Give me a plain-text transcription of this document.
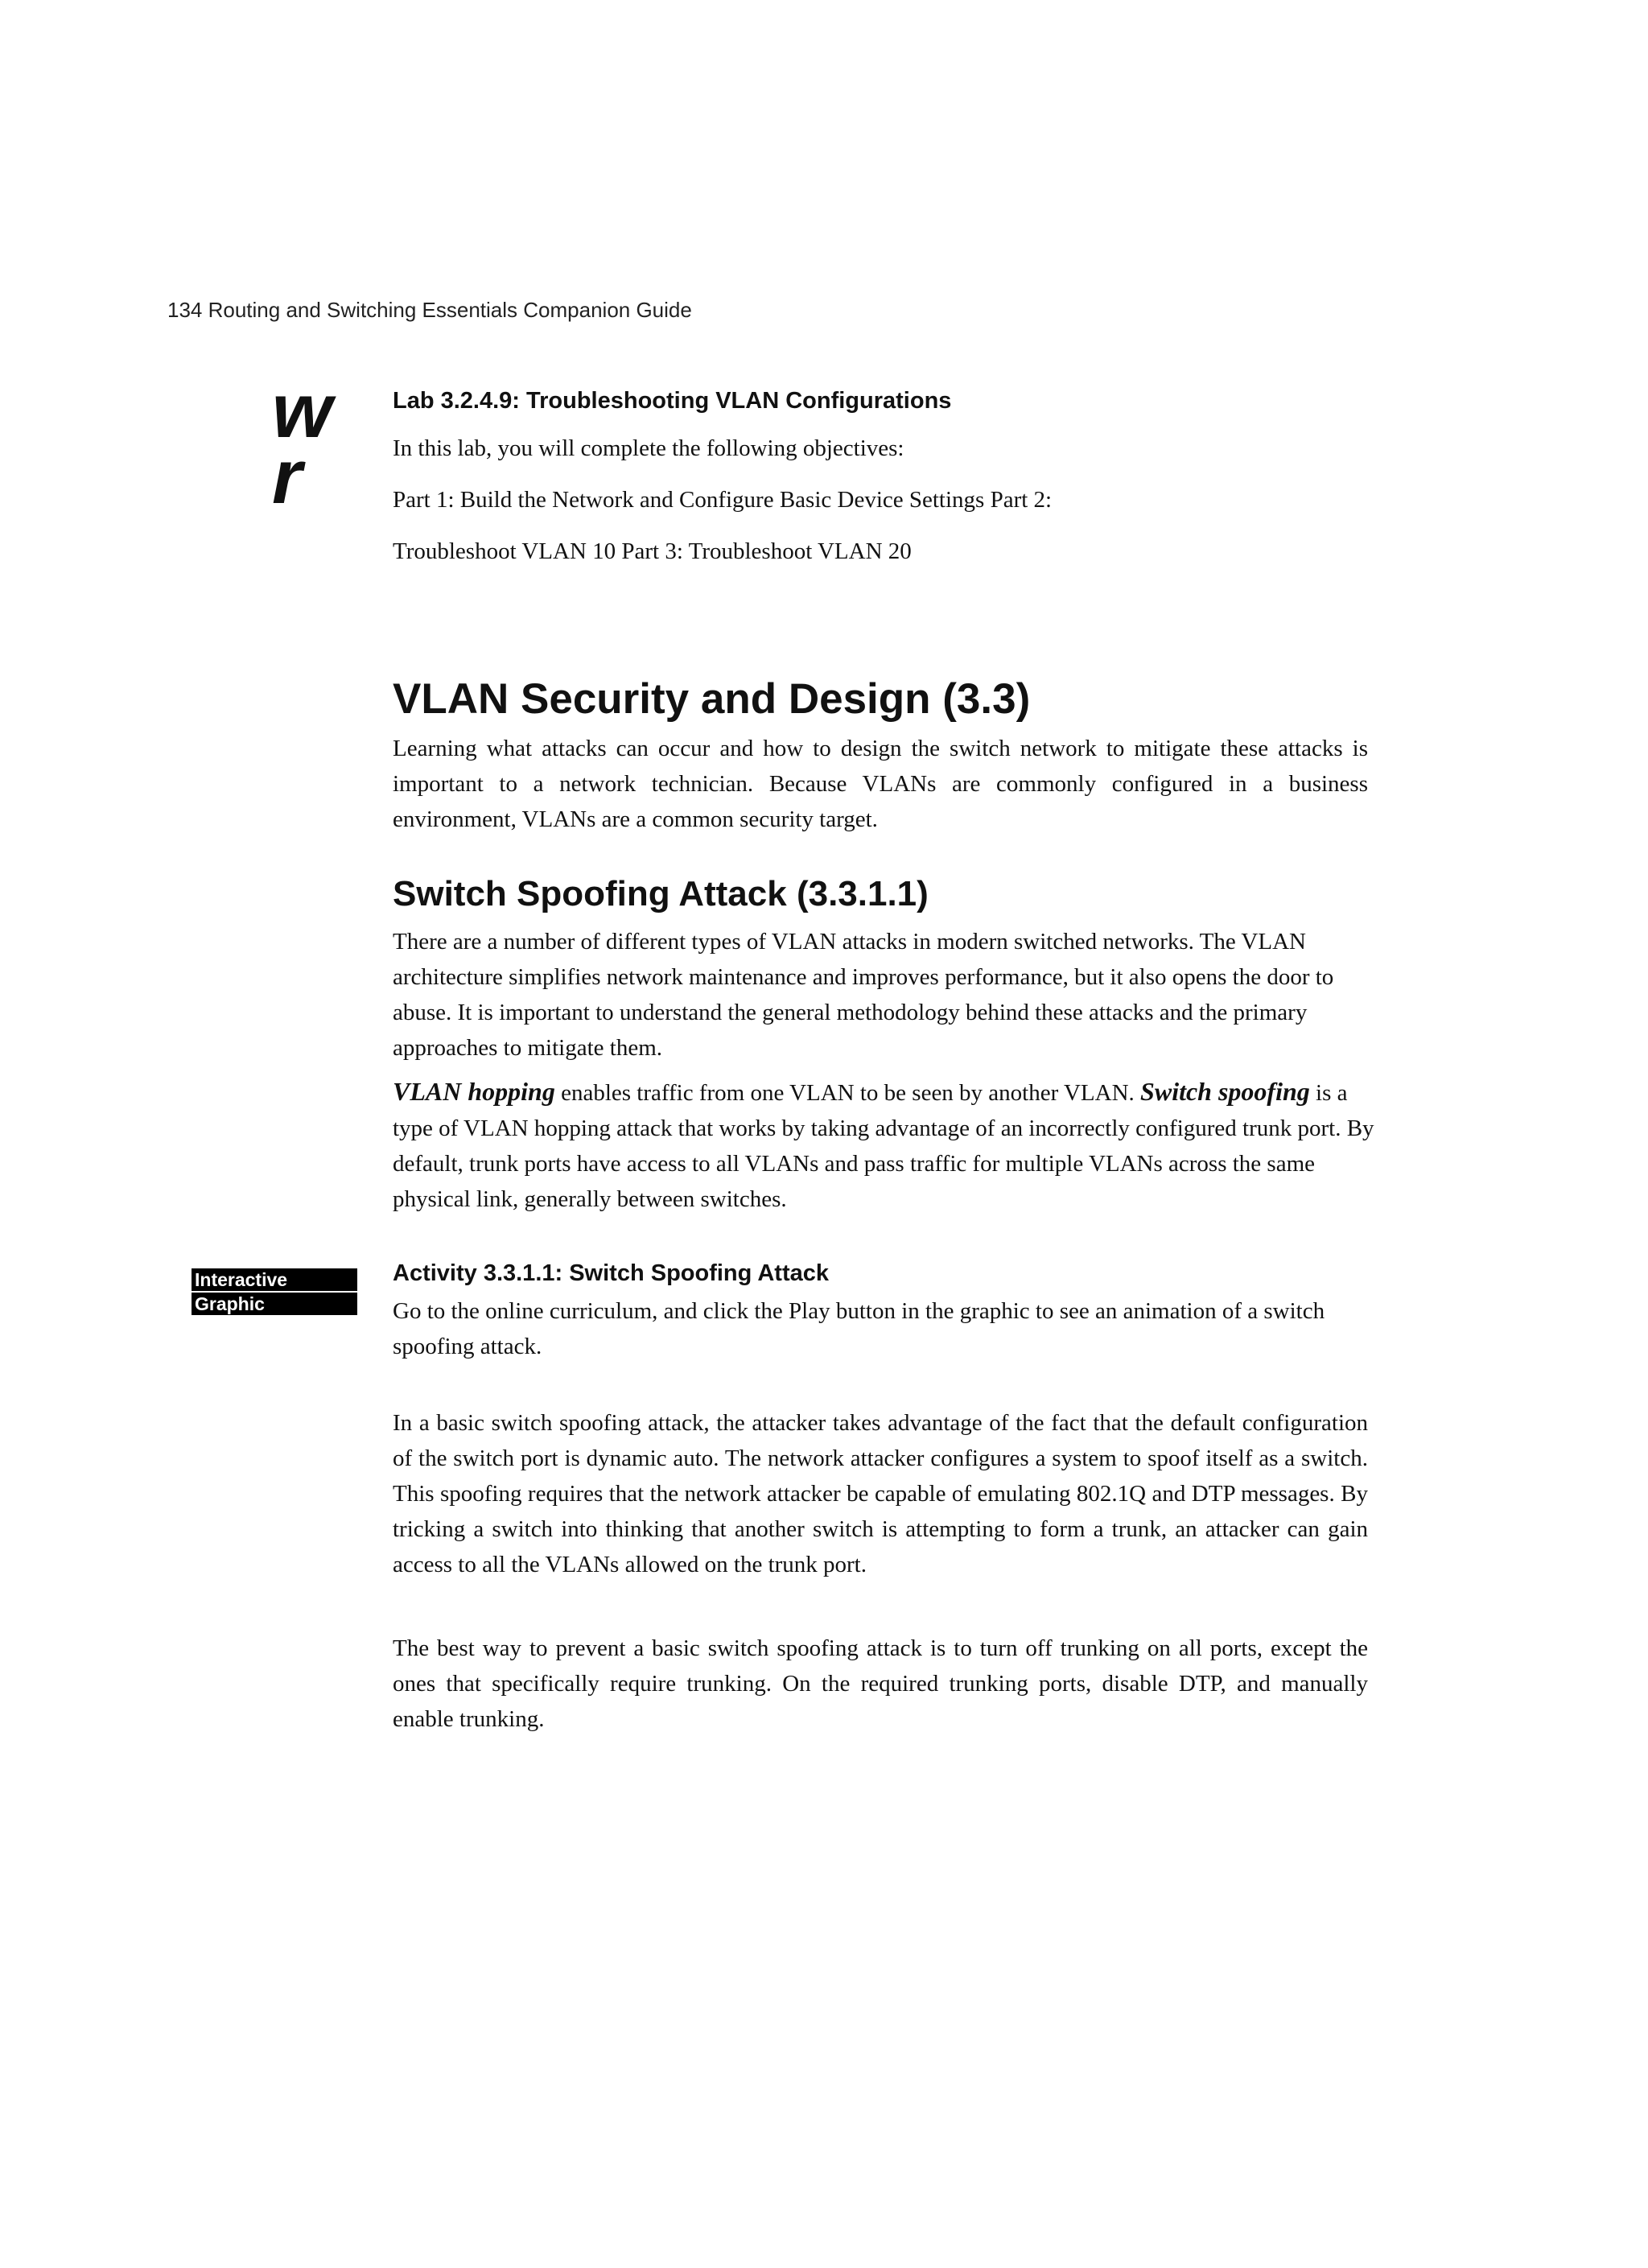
134 Routing and Switching Essentials Companion Guide
w
r
Lab 3.2.4.9: Troubleshooting VLAN Configurations
In this lab, you will complete the following objectives:
Part 1: Build the Network and Configure Basic Device Settings Part 2:
Troubleshoot VLAN 10 Part 3: Troubleshoot VLAN 20
VLAN Security and Design (3.3)
Learning what attacks can occur and how to design the switch network to mitigate these attacks is important to a network technician. Because VLANs are commonly configured in a business environment, VLANs are a common security target.
Switch Spoofing Attack (3.3.1.1)
There are a number of different types of VLAN attacks in modern switched networks. The VLAN architecture simplifies network maintenance and improves performance, but it also opens the door to abuse. It is important to understand the general methodology behind these attacks and the primary approaches to mitigate them.
VLAN hopping enables traffic from one VLAN to be seen by another VLAN. Switch spoofing is a type of VLAN hopping attack that works by taking advantage of an incorrectly configured trunk port. By default, trunk ports have access to all VLANs and pass traffic for multiple VLANs across the same physical link, generally between switches.
Interactive
Graphic
Activity 3.3.1.1: Switch Spoofing Attack
Go to the online curriculum, and click the Play button in the graphic to see an animation of a switch spoofing attack.
In a basic switch spoofing attack, the attacker takes advantage of the fact that the default configuration of the switch port is dynamic auto. The network attacker configures a system to spoof itself as a switch. This spoofing requires that the network attacker be capable of emulating 802.1Q and DTP messages. By tricking a switch into thinking that another switch is attempting to form a trunk, an attacker can gain access to all the VLANs allowed on the trunk port.
The best way to prevent a basic switch spoofing attack is to turn off trunking on all ports, except the ones that specifically require trunking. On the required trunking ports, disable DTP, and manually enable trunking.
